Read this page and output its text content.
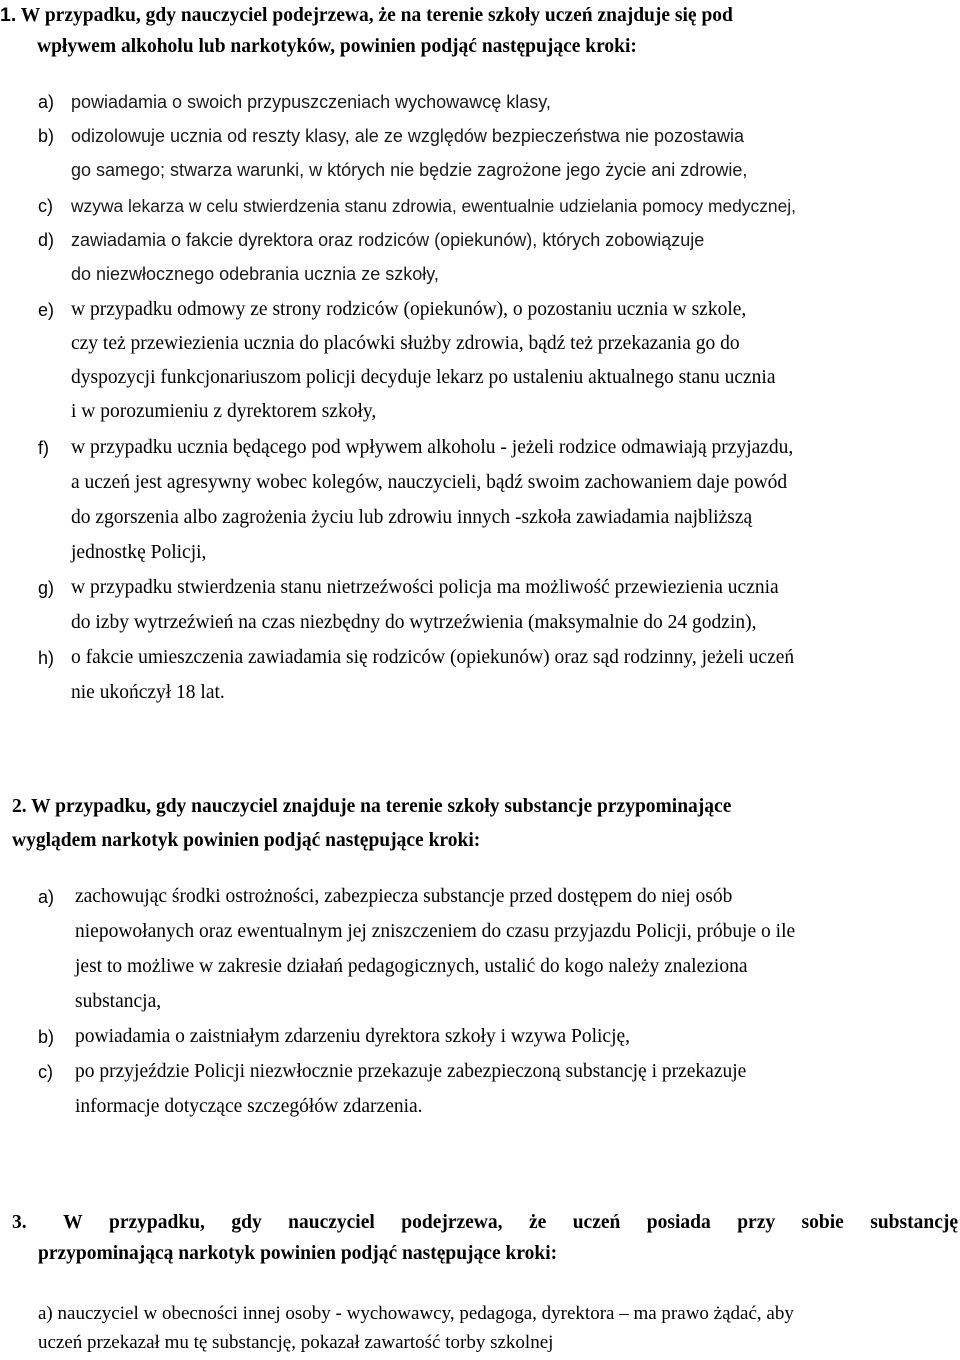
1. W przypadku, gdy nauczyciel podejrzewa, że na terenie szkoły uczeń znajduje się pod
wpływem alkoholu lub narkotyków, powinien podjąć następujące kroki:
a) powiadamia o swoich przypuszczeniach wychowawcę klasy,
b) odizolowuje ucznia od reszty klasy, ale ze względów bezpieczeństwa nie pozostawia
go samego; stwarza warunki, w których nie będzie zagrożone jego życie ani zdrowie,
c) wzywa lekarza w celu stwierdzenia stanu zdrowia, ewentualnie udzielania pomocy medycznej,
d) zawiadamia o fakcie dyrektora oraz rodziców (opiekunów), których zobowiązuje
do niezwłocznego odebrania ucznia ze szkoły,
e) w przypadku odmowy ze strony rodziców (opiekunów), o pozostaniu ucznia w szkole,
czy też przewiezienia ucznia do placówki służby zdrowia, bądź też przekazania go do
dyspozycji funkcjonariuszom policji decyduje lekarz po ustaleniu aktualnego stanu ucznia
i w porozumieniu z dyrektorem szkoły,
f) w przypadku ucznia będącego pod wpływem alkoholu - jeżeli rodzice odmawiają przyjazdu,
a uczeń jest agresywny wobec kolegów, nauczycieli, bądź swoim zachowaniem daje powód
do zgorszenia albo zagrożenia życiu lub zdrowiu innych -szkoła zawiadamia najbliższą
jednostkę Policji,
g) w przypadku stwierdzenia stanu nietrzeźwości policja ma możliwość przewiezienia ucznia
do izby wytrzeźwień na czas niezbędny do wytrzeźwienia (maksymalnie do 24 godzin),
h) o fakcie umieszczenia zawiadamia się rodziców (opiekunów) oraz sąd rodzinny, jeżeli uczeń
nie ukończył 18 lat.
2. W przypadku, gdy nauczyciel znajduje na terenie szkoły substancje przypominające
wyglądem narkotyk powinien podjąć następujące kroki:
a) zachowując środki ostrożności, zabezpiecza substancje przed dostępem do niej osób
niepowołanych oraz ewentualnym jej zniszczeniem do czasu przyjazdu Policji, próbuje o ile
jest to możliwe w zakresie działań pedagogicznych, ustalić do kogo należy znaleziona
substancja,
b) powiadamia o zaistniałym zdarzeniu dyrektora szkoły i wzywa Policję,
c) po przyjeździe Policji niezwłocznie przekazuje zabezpieczoną substancję i przekazuje
informacje dotyczące szczegółów zdarzenia.
3. W przypadku, gdy nauczyciel podejrzewa, że uczeń posiada przy sobie substancję
przypominającą narkotyk powinien podjąć następujące kroki:
a) nauczyciel w obecności innej osoby - wychowawcy, pedagoga, dyrektora – ma prawo żądać, aby
uczeń przekazał mu tę substancję, pokazał zawartość torby szkolnej
